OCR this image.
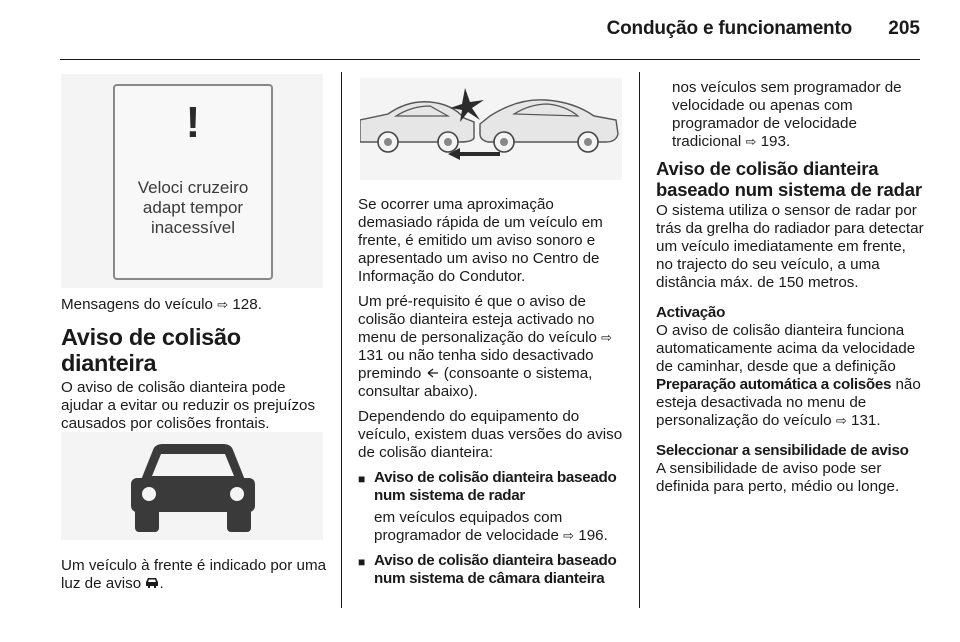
Condução e funcionamento 205
!
Veloci cruzeiro
adapt tempor
inacessível

Mensagens do veículo ⇨ 128.

Aviso de colisão dianteira

O aviso de colisão dianteira pode ajudar a evitar ou reduzir os prejuízos causados por colisões frontais.

Um veículo à frente é indicado por uma luz de aviso .

Se ocorrer uma aproximação demasiado rápida de um veículo em frente, é emitido um aviso sonoro e apresentado um aviso no Centro de Informação do Condutor.

Um pré-requisito é que o aviso de colisão dianteira esteja activado no menu de personalização do veículo ⇨ 131 ou não tenha sido desactivado premindo (consoante o sistema, consultar abaixo).

Dependendo do equipamento do veículo, existem duas versões do aviso de colisão dianteira:

■ Aviso de colisão dianteira baseado num sistema de radar

em veículos equipados com programador de velocidade ⇨ 196.

■ Aviso de colisão dianteira baseado num sistema de câmara dianteira

nos veículos sem programador de velocidade ou apenas com programador de velocidade tradicional ⇨ 193.

Aviso de colisão dianteira baseado num sistema de radar

O sistema utiliza o sensor de radar por trás da grelha do radiador para detectar um veículo imediatamente em frente, no trajecto do seu veículo, a uma distância máx. de 150 metros.

Activação

O aviso de colisão dianteira funciona automaticamente acima da velocidade de caminhar, desde que a definição Preparação automática a colisões não esteja desactivada no menu de personalização do veículo ⇨ 131.

Seleccionar a sensibilidade de aviso

A sensibilidade de aviso pode ser definida para perto, médio ou longe.
